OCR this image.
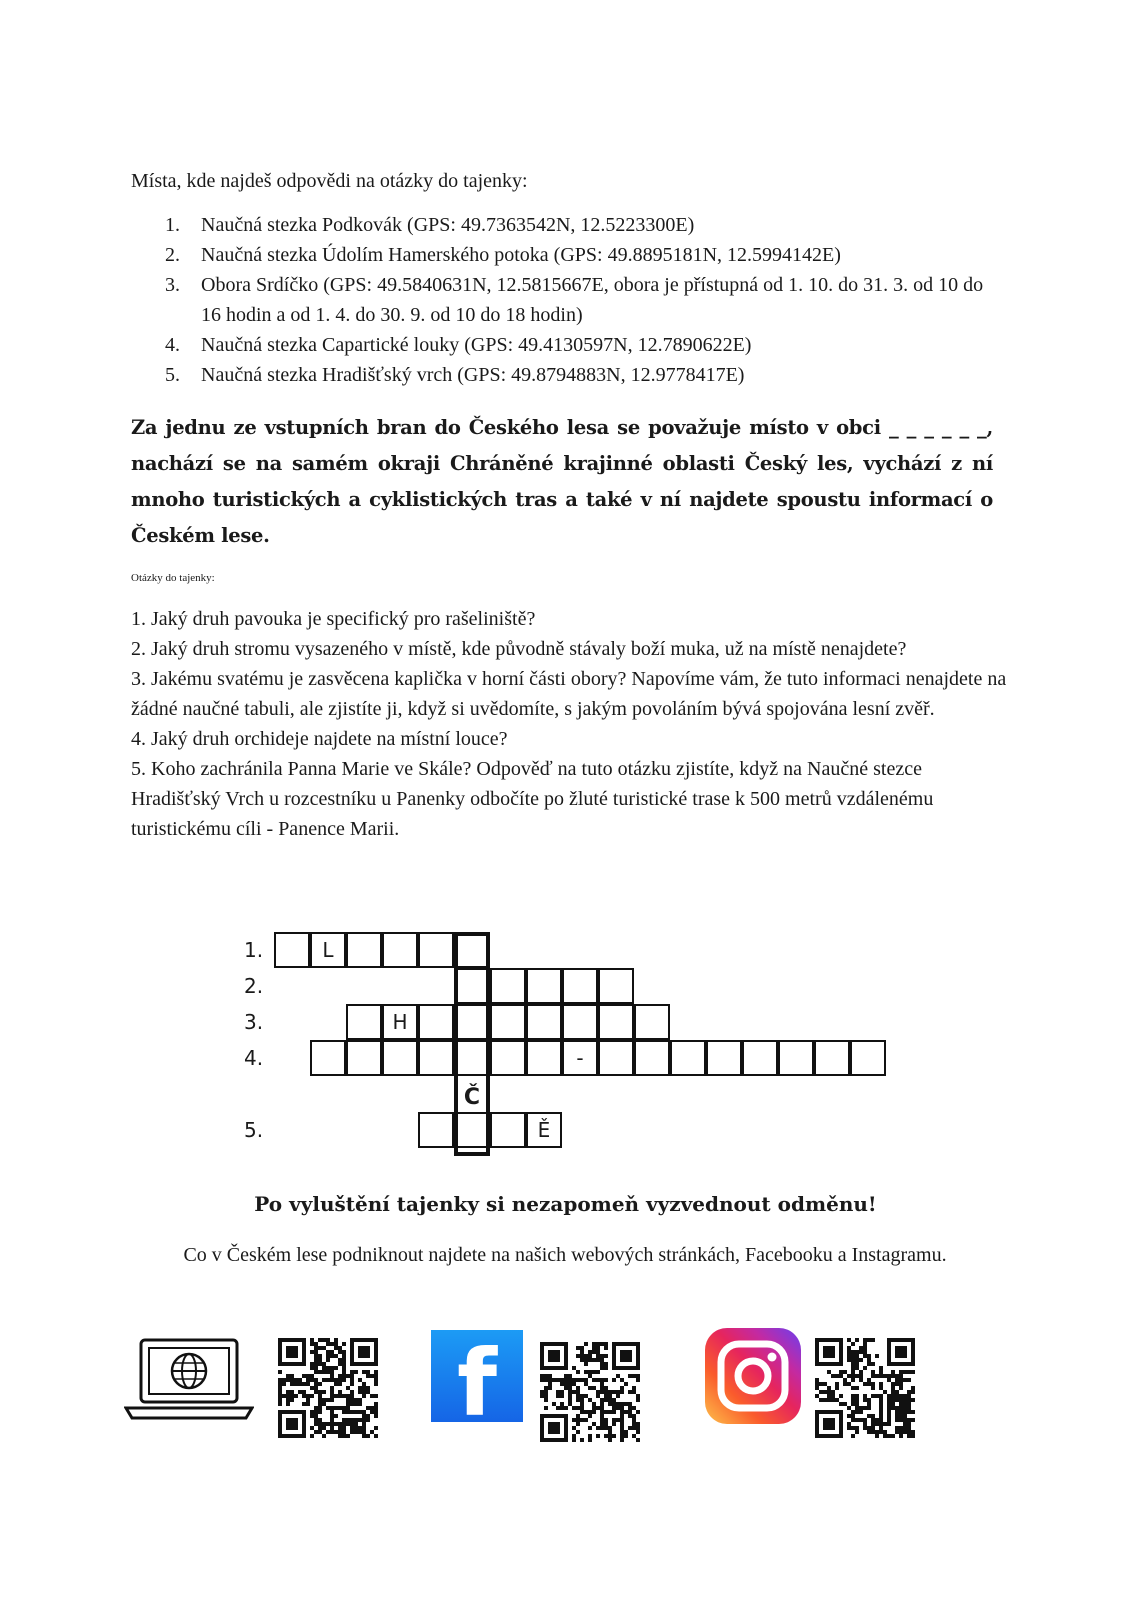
Místa, kde najdeš odpovědi na otázky do tajenky:
1. Naučná stezka Podkovák (GPS: 49.7363542N, 12.5223300E)
2. Naučná stezka Údolím Hamerského potoka (GPS: 49.8895181N, 12.5994142E)
3. Obora Srdíčko (GPS: 49.5840631N, 12.5815667E, obora je přístupná od 1. 10. do 31. 3. od 10 do 16 hodin a od 1. 4. do 30. 9. od 10 do 18 hodin)
4. Naučná stezka Capartické louky (GPS: 49.4130597N, 12.7890622E)
5. Naučná stezka Hradišťský vrch (GPS: 49.8794883N, 12.9778417E)
Za jednu ze vstupních bran do Českého lesa se považuje místo v obci _ _ _ _ _ _, nachází se na samém okraji Chráněné krajinné oblasti Český les, vychází z ní mnoho turistických a cyklistických tras a také v ní najdete spoustu informací o Českém lese.
Otázky do tajenky:

1. Jaký druh pavouka je specifický pro rašeliniště?

2. Jaký druh stromu vysazeného v místě, kde původně stávaly boží muka, už na místě nenajdete?

3. Jakému svatému je zasvěcena kaplička v horní části obory? Napovíme vám, že tuto informaci nenajdete na žádné naučné tabuli, ale zjistíte ji, když si uvědomíte, s jakým povoláním bývá spojována lesní zvěř.

4. Jaký druh orchideje najdete na místní louce?

5. Koho zachránila Panna Marie ve Skále? Odpověď na tuto otázku zjistíte, když na Naučné stezce Hradišťský Vrch u rozcestníku u Panenky odbočíte po žluté turistické trase k 500 metrů vzdálenému turistickému cíli - Panence Marii.

1.	L
2.
3.	H
4.	-
5.	Ě
Č
Po vyluštění tajenky si nezapomeň vyzvednout odměnu!
Co v Českém lese podniknout najdete na našich webových stránkách, Facebooku a Instagramu.
f
